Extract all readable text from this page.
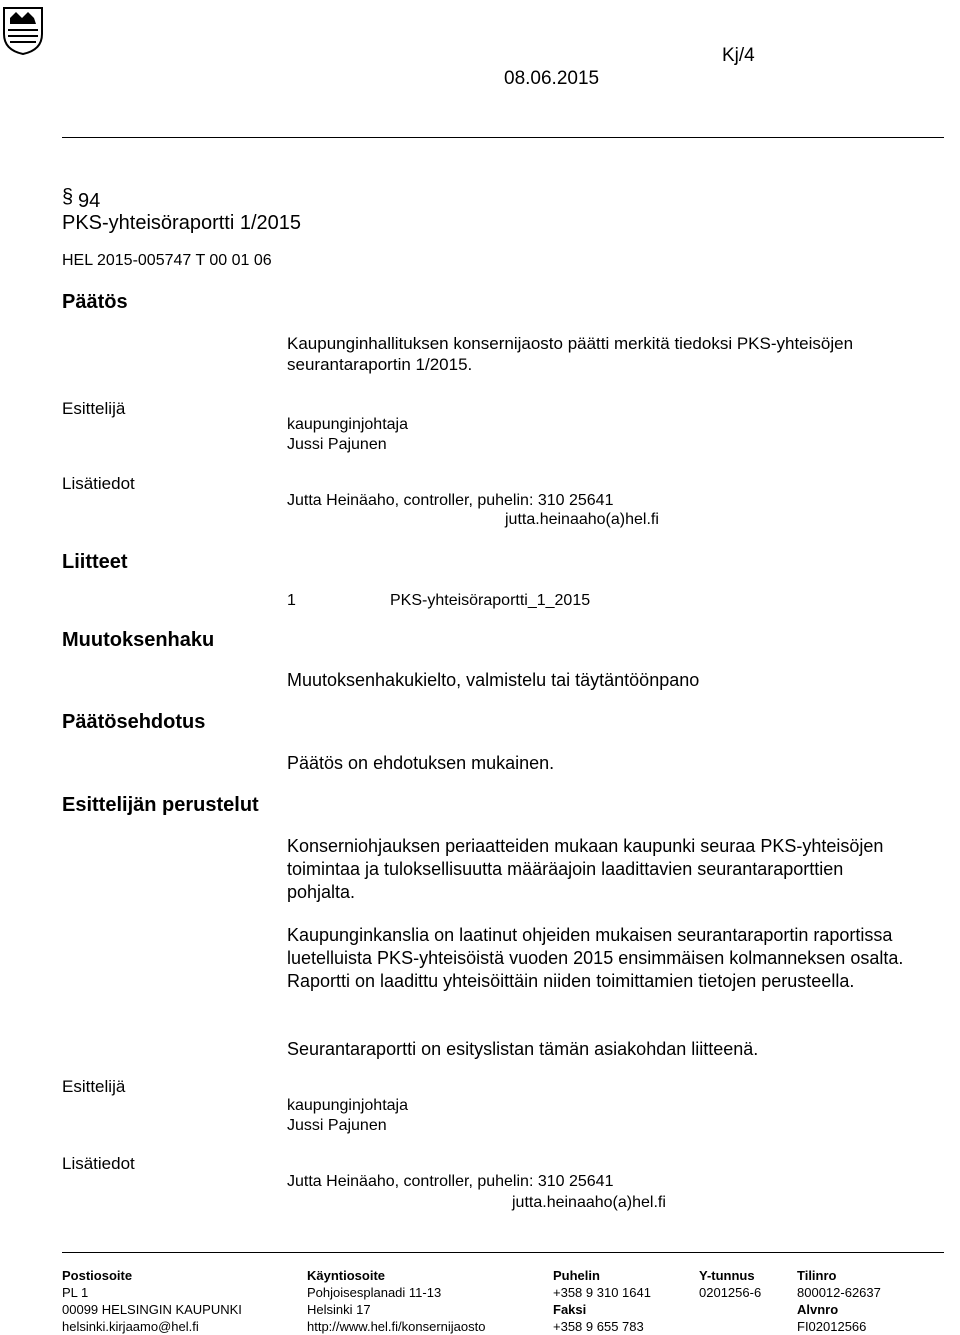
Helsingin kaupunki
Kaupunginhallituksen konsernijaosto
Pöytäkirja	9/2015	5 (49)
Kj/4
08.06.2015
§ 94
PKS-yhteisöraportti 1/2015
HEL 2015-005747 T 00 01 06
Päätös
Kaupunginhallituksen konsernijaosto päätti merkitä tiedoksi PKS-yhteisöjen seurantaraportin 1/2015.
Esittelijä
kaupunginjohtaja
Jussi Pajunen
Lisätiedot
Jutta Heinäaho, controller, puhelin: 310 25641
jutta.heinaaho(a)hel.fi
Liitteet
1	PKS-yhteisöraportti_1_2015
Muutoksenhaku
Muutoksenhakukielto, valmistelu tai täytäntöönpano
Päätösehdotus
Päätös on ehdotuksen mukainen.
Esittelijän perustelut
Konserniohjauksen periaatteiden mukaan kaupunki seuraa PKS-yhteisöjen toimintaa ja tuloksellisuutta määräajoin laadittavien seurantaraporttien pohjalta.
Kaupunginkanslia on laatinut ohjeiden mukaisen seurantaraportin raportissa luetelluista PKS-yhteisöistä vuoden 2015 ensimmäisen kolmanneksen osalta. Raportti on laadittu yhteisöittäin niiden toimittamien tietojen perusteella.
Seurantaraportti on esityslistan tämän asiakohdan liitteenä.
Esittelijä
kaupunginjohtaja
Jussi Pajunen
Lisätiedot
Jutta Heinäaho, controller, puhelin: 310 25641
jutta.heinaaho(a)hel.fi
Postiosoite
PL 1
00099 HELSINGIN KAUPUNKI
helsinki.kirjaamo@hel.fi
Käyntiosoite
Pohjoisesplanadi 11-13
Helsinki 17
http://www.hel.fi/konsernijaosto
Puhelin
+358 9 310 1641
Faksi
+358 9 655 783
Y-tunnus
0201256-6
Tilinro
800012-62637
Alvnro
FI02012566
